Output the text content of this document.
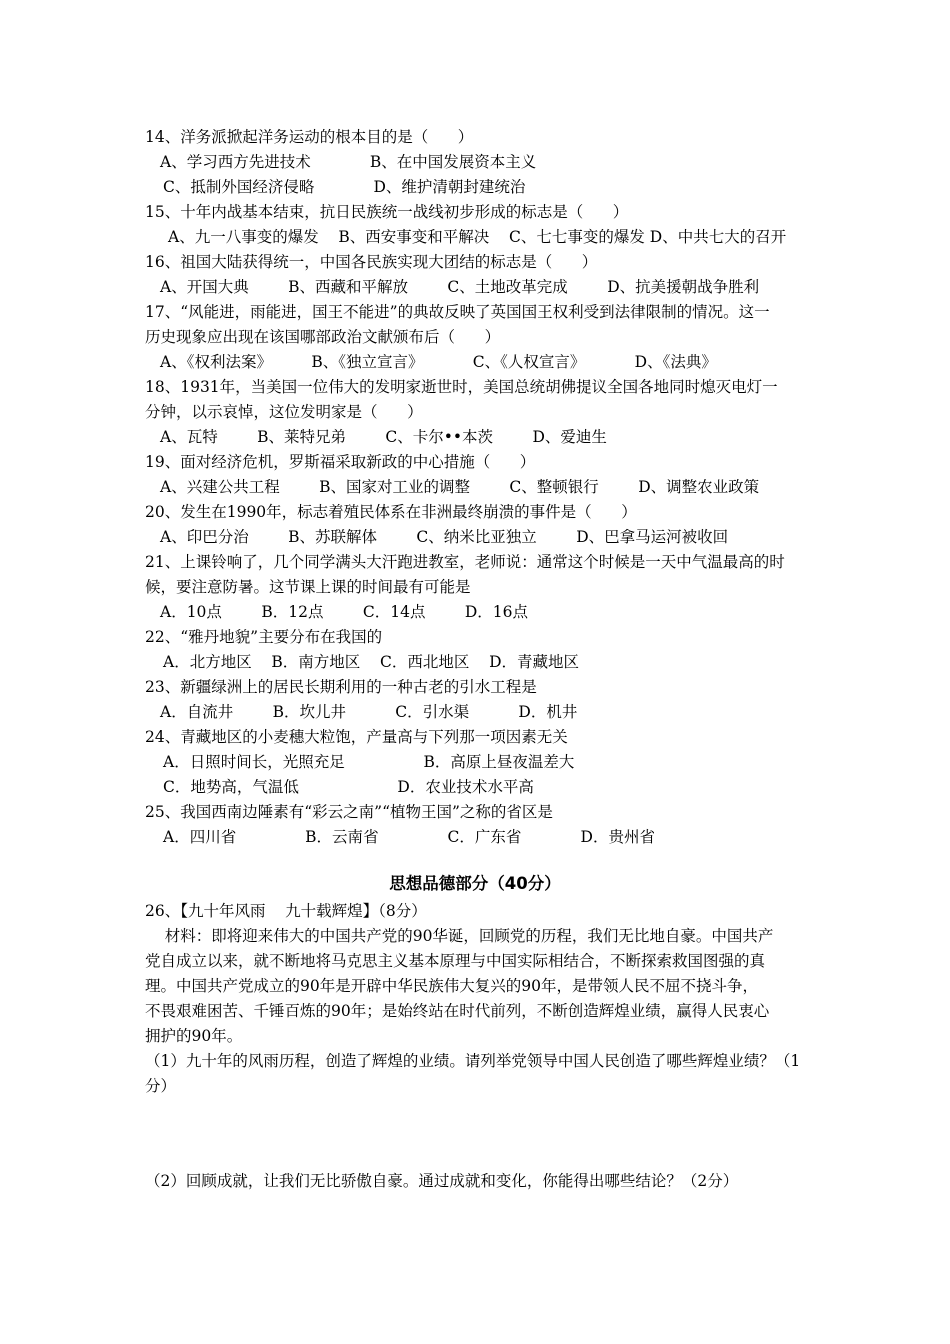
14、洋务派掀起洋务运动的根本目的是（      ）
A、学习西方先进技术            B、在中国发展资本主义
C、抵制外国经济侵略            D、维护清朝封建统治
15、十年内战基本结束，抗日民族统一战线初步形成的标志是（      ）
A、九一八事变的爆发    B、西安事变和平解决    C、七七事变的爆发 D、中共七大的召开
16、祖国大陆获得统一，中国各民族实现大团结的标志是（      ）
A、开国大典        B、西藏和平解放        C、土地改革完成        D、抗美援朝战争胜利
17、“风能进，雨能进，国王不能进”的典故反映了英国国王权利受到法律限制的情况。这一
历史现象应出现在该国哪部政治文献颁布后（      ）
A、《权利法案》        B、《独立宣言》          C、《人权宣言》          D、《法典》
18、1931年，当美国一位伟大的发明家逝世时，美国总统胡佛提议全国各地同时熄灭电灯一
分钟，以示哀悼，这位发明家是（      ）
A、瓦特        B、莱特兄弟        C、卡尔••本茨        D、爱迪生
19、面对经济危机，罗斯福采取新政的中心措施（      ）
A、兴建公共工程        B、国家对工业的调整        C、整顿银行        D、调整农业政策
20、发生在1990年，标志着殖民体系在非洲最终崩溃的事件是（      ）
A、印巴分治        B、苏联解体        C、纳米比亚独立        D、巴拿马运河被收回
21、上课铃响了，几个同学满头大汗跑进教室，老师说：通常这个时候是一天中气温最高的时
候，要注意防暑。这节课上课的时间最有可能是
A．10点        B．12点        C．14点        D．16点
22、“雅丹地貌”主要分布在我国的
A．北方地区    B．南方地区    C．西北地区    D．青藏地区
23、新疆绿洲上的居民长期利用的一种古老的引水工程是
A．自流井        B．坎儿井          C．引水渠          D．机井
24、青藏地区的小麦穗大粒饱，产量高与下列那一项因素无关
A．日照时间长，光照充足                B．高原上昼夜温差大
C．地势高，气温低                    D．农业技术水平高
25、我国西南边陲素有“彩云之南”“植物王国”之称的省区是
A．四川省              B．云南省              C．广东省            D．贵州省
思想品德部分（40分）
26、【九十年风雨    九十载辉煌】（8分）
材料：即将迎来伟大的中国共产党的90华诞，回顾党的历程，我们无比地自豪。中国共产
党自成立以来，就不断地将马克思主义基本原理与中国实际相结合，不断探索救国图强的真
理。中国共产党成立的90年是开辟中华民族伟大复兴的90年，是带领人民不屈不挠斗争，
不畏艰难困苦、千锤百炼的90年；是始终站在时代前列，不断创造辉煌业绩，赢得人民衷心
拥护的90年。
（1）九十年的风雨历程，创造了辉煌的业绩。请列举党领导中国人民创造了哪些辉煌业绩？（1
分）
（2）回顾成就，让我们无比骄傲自豪。通过成就和变化，你能得出哪些结论？（2分）
